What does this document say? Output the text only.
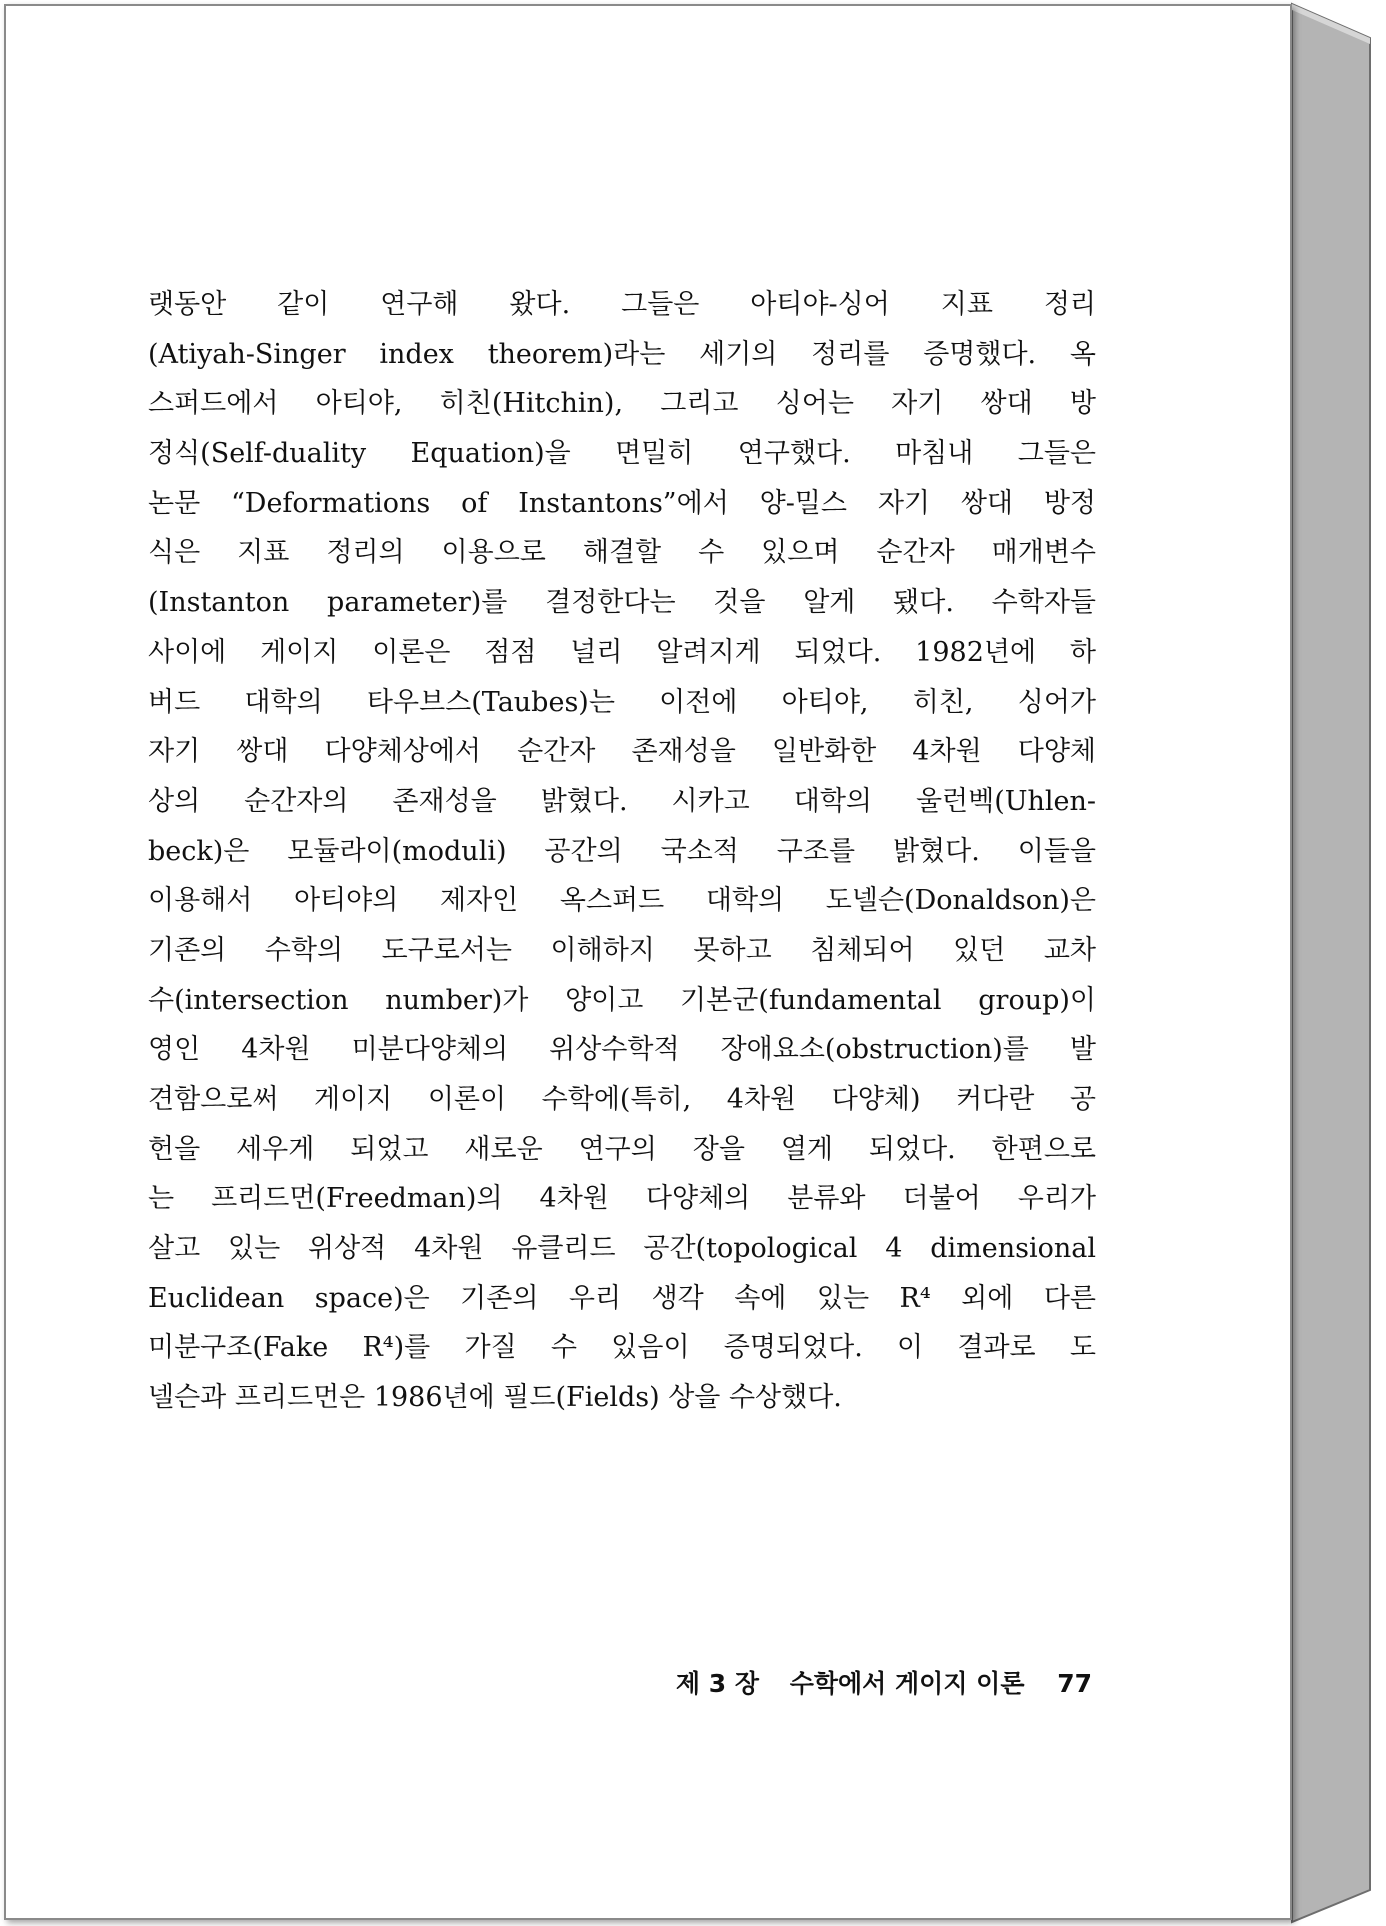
랫동안 같이 연구해 왔다. 그들은 아티야-싱어 지표 정리
(Atiyah-Singer index theorem)라는 세기의 정리를 증명했다. 옥
스퍼드에서 아티야, 히친(Hitchin), 그리고 싱어는 자기 쌍대 방
정식(Self-duality Equation)을 면밀히 연구했다. 마침내 그들은
논문 “Deformations of Instantons”에서 양-밀스 자기 쌍대 방정
식은 지표 정리의 이용으로 해결할 수 있으며 순간자 매개변수
(Instanton parameter)를 결정한다는 것을 알게 됐다. 수학자들
사이에 게이지 이론은 점점 널리 알려지게 되었다. 1982년에 하
버드 대학의 타우브스(Taubes)는 이전에 아티야, 히친, 싱어가
자기 쌍대 다양체상에서 순간자 존재성을 일반화한 4차원 다양체
상의 순간자의 존재성을 밝혔다. 시카고 대학의 울런벡(Uhlen-
beck)은 모듈라이(moduli) 공간의 국소적 구조를 밝혔다. 이들을
이용해서 아티야의 제자인 옥스퍼드 대학의 도넬슨(Donaldson)은
기존의 수학의 도구로서는 이해하지 못하고 침체되어 있던 교차
수(intersection number)가 양이고 기본군(fundamental group)이
영인 4차원 미분다양체의 위상수학적 장애요소(obstruction)를 발
견함으로써 게이지 이론이 수학에(특히, 4차원 다양체) 커다란 공
헌을 세우게 되었고 새로운 연구의 장을 열게 되었다. 한편으로
는 프리드먼(Freedman)의 4차원 다양체의 분류와 더불어 우리가
살고 있는 위상적 4차원 유클리드 공간(topological 4 dimensional
Euclidean space)은 기존의 우리 생각 속에 있는 R⁴ 외에 다른
미분구조(Fake R⁴)를 가질 수 있음이 증명되었다. 이 결과로 도
넬슨과 프리드먼은 1986년에 필드(Fields) 상을 수상했다.
제 3 장 수학에서 게이지 이론 77
